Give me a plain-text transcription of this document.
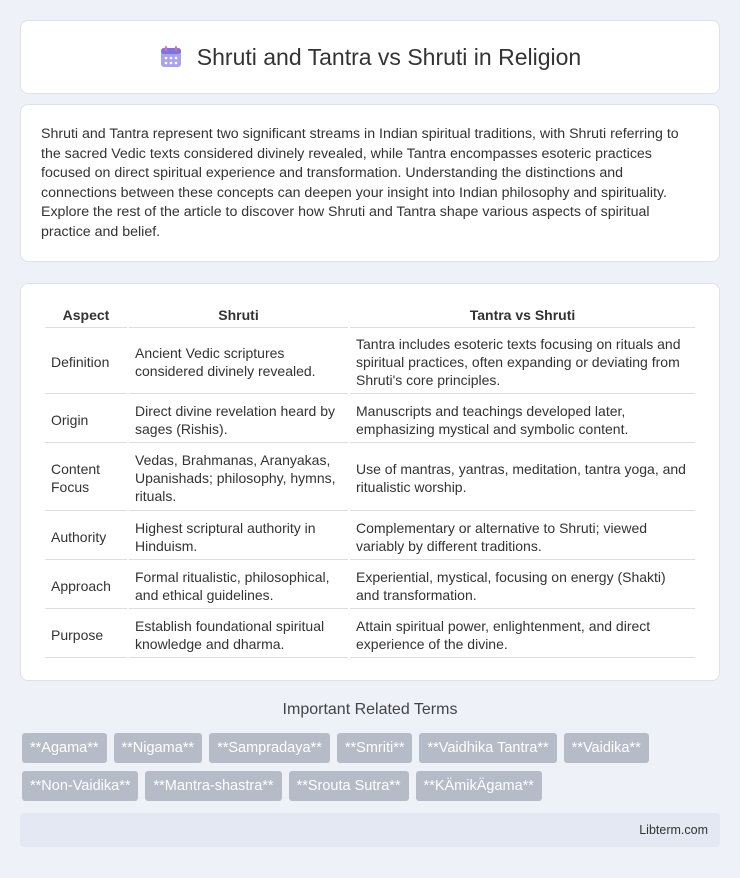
Shruti and Tantra vs Shruti in Religion

Shruti and Tantra represent two significant streams in Indian spiritual traditions, with Shruti referring to the sacred Vedic texts considered divinely revealed, while Tantra encompasses esoteric practices focused on direct spiritual experience and transformation. Understanding the distinctions and connections between these concepts can deepen your insight into Indian philosophy and spirituality. Explore the rest of the article to discover how Shruti and Tantra shape various aspects of spiritual practice and belief.

Aspect	Shruti	Tantra vs Shruti
Definition	Ancient Vedic scriptures considered divinely revealed.	Tantra includes esoteric texts focusing on rituals and spiritual practices, often expanding or deviating from Shruti's core principles.
Origin	Direct divine revelation heard by sages (Rishis).	Manuscripts and teachings developed later, emphasizing mystical and symbolic content.
Content Focus	Vedas, Brahmanas, Aranyakas, Upanishads; philosophy, hymns, rituals.	Use of mantras, yantras, meditation, tantra yoga, and ritualistic worship.
Authority	Highest scriptural authority in Hinduism.	Complementary or alternative to Shruti; viewed variably by different traditions.
Approach	Formal ritualistic, philosophical, and ethical guidelines.	Experiential, mystical, focusing on energy (Shakti) and transformation.
Purpose	Establish foundational spiritual knowledge and dharma.	Attain spiritual power, enlightenment, and direct experience of the divine.
Important Related Terms
**Agama**	**Nigama**	**Sampradaya**	**Smriti**	**Vaidhika Tantra**	**Vaidika**
**Non-Vaidika**	**Mantra-shastra**	**Srouta Sutra**	**KÄmikÄgama**
Libterm.com
